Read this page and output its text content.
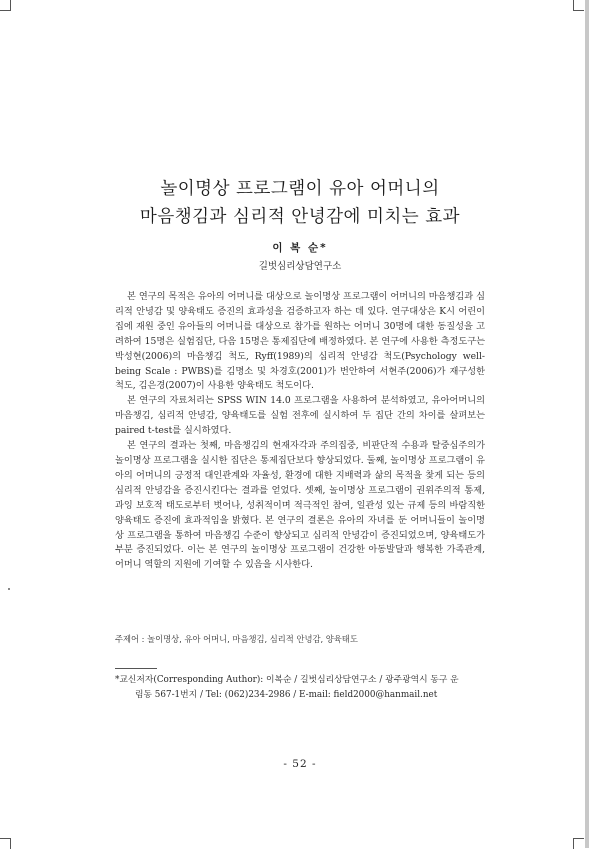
놀이명상 프로그램이 유아 어머니의
마음챙김과 심리적 안녕감에 미치는 효과
이 복 순*
길벗심리상담연구소

본 연구의 목적은 유아의 어머니를 대상으로 놀이명상 프로그램이 어머니의 마음챙김과 심리적 안녕감 및 양육태도 증진의 효과성을 검증하고자 하는 데 있다. 연구대상은 K시 어린이집에 재원 중인 유아들의 어머니를 대상으로 참가를 원하는 어머니 30명에 대한 동질성을 고려하여 15명은 실험집단, 다음 15명은 통제집단에 배정하였다. 본 연구에 사용한 측정도구는 박성현(2006)의 마음챙김 척도, Ryff(1989)의 심리적 안녕감 척도(Psychology well-being Scale : PWBS)를 김명소 및 차경호(2001)가 번안하여 서현주(2006)가 재구성한 척도, 김은경(2007)이 사용한 양육태도 척도이다.

본 연구의 자료처리는 SPSS WIN 14.0 프로그램을 사용하여 분석하였고, 유아어머니의 마음챙김, 심리적 안녕감, 양육태도를 실험 전후에 실시하여 두 집단 간의 차이를 살펴보는 paired t-test를 실시하였다.

본 연구의 결과는 첫째, 마음챙김의 현재자각과 주의집중, 비판단적 수용과 탈중심주의가 놀이명상 프로그램을 실시한 집단은 통제집단보다 향상되었다. 둘째, 놀이명상 프로그램이 유아의 어머니의 긍정적 대인관계와 자율성, 환경에 대한 지배력과 삶의 목적을 찾게 되는 등의 심리적 안녕감을 증진시킨다는 결과를 얻었다. 셋째, 놀이명상 프로그램이 권위주의적 통제, 과잉 보호적 태도로부터 벗어나, 성취적이며 적극적인 참여, 일관성 있는 규제 등의 바람직한 양육태도 증진에 효과적임을 밝혔다. 본 연구의 결론은 유아의 자녀를 둔 어머니들이 놀이명상 프로그램을 통하여 마음챙김 수준이 향상되고 심리적 안녕감이 증진되었으며, 양육태도가 부분 증진되었다. 이는 본 연구의 놀이명상 프로그램이 건강한 아동발달과 행복한 가족관계, 어머니 역할의 지원에 기여할 수 있음을 시사한다.

주제어 : 놀이명상, 유아 어머니, 마음챙김, 심리적 안녕감, 양육태도
*교신저자(Corresponding Author): 이복순 / 길벗심리상담연구소 / 광주광역시 동구 운
림동 567-1번지 / Tel: (062)234-2986 / E-mail: field2000@hanmail.net
- 52 -
